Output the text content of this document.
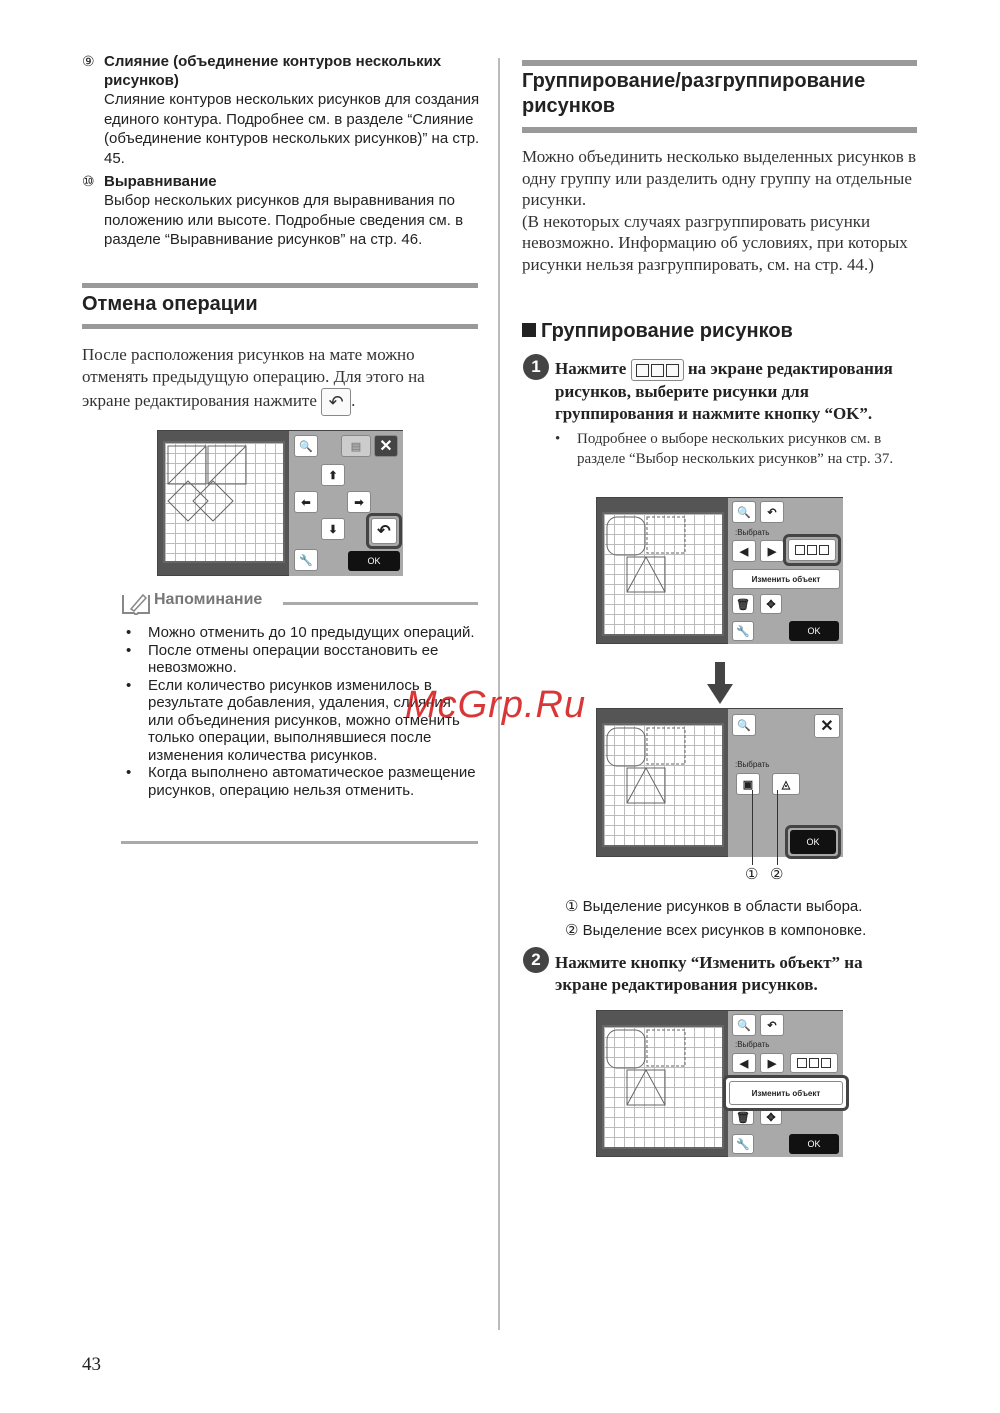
⑨ Слияние (объединение контуров нескольких рисунков)
Слияние контуров нескольких рисунков для создания единого контура. Подробнее см. в разделе “Слияние (объединение контуров нескольких рисунков)” на стр. 45.
⑩ Выравнивание
Выбор нескольких рисунков для выравнивания по положению или высоте. Подробные сведения см. в разделе “Выравнивание рисунков” на стр. 46.
Отмена операции
После расположения рисунков на мате можно отменять предыдущую операцию. Для этого на экране редактирования нажмите ↶ .
🔍	▤	✕
⬆
⬅	➡
⬇	↶
🔧	OK
Напоминание
• Можно отменить до 10 предыдущих операций.
• После отмены операции восстановить ее невозможно.
• Если количество рисунков изменилось в результате добавления, удаления, слияния или объединения рисунков, можно отменить только операции, выполнявшиеся после изменения количества рисунков.
• Когда выполнено автоматическое размещение рисунков, операцию нельзя отменить.
Группирование/разгруппирование рисунков
Можно объединить несколько выделенных рисунков в одну группу или разделить одну группу на отдельные рисунки.
(В некоторых случаях разгруппировать рисунки невозможно. Информацию об условиях, при которых рисунки нельзя разгруппировать, см. на стр. 44.)
Группирование рисунков
1 Нажмите	на экране редактирования рисунков, выберите рисунки для группирования и нажмите кнопку “OK”.
• Подробнее о выборе нескольких рисунков см. в разделе “Выбор нескольких рисунков” на стр. 37.
🔍	↶
:Выбрать
◀	▶
Изменить объект
🗑	✥
🔧	OK
🔍	✕
:Выбрать
▣	◬
OK
① ②
① Выделение рисунков в области выбора.
② Выделение всех рисунков в компоновке.
2 Нажмите кнопку “Изменить объект” на экране редактирования рисунков.
🔍	↶
:Выбрать
◀	▶
🗑	✥
Изменить объект
🔧	OK
McGrp.Ru
43
